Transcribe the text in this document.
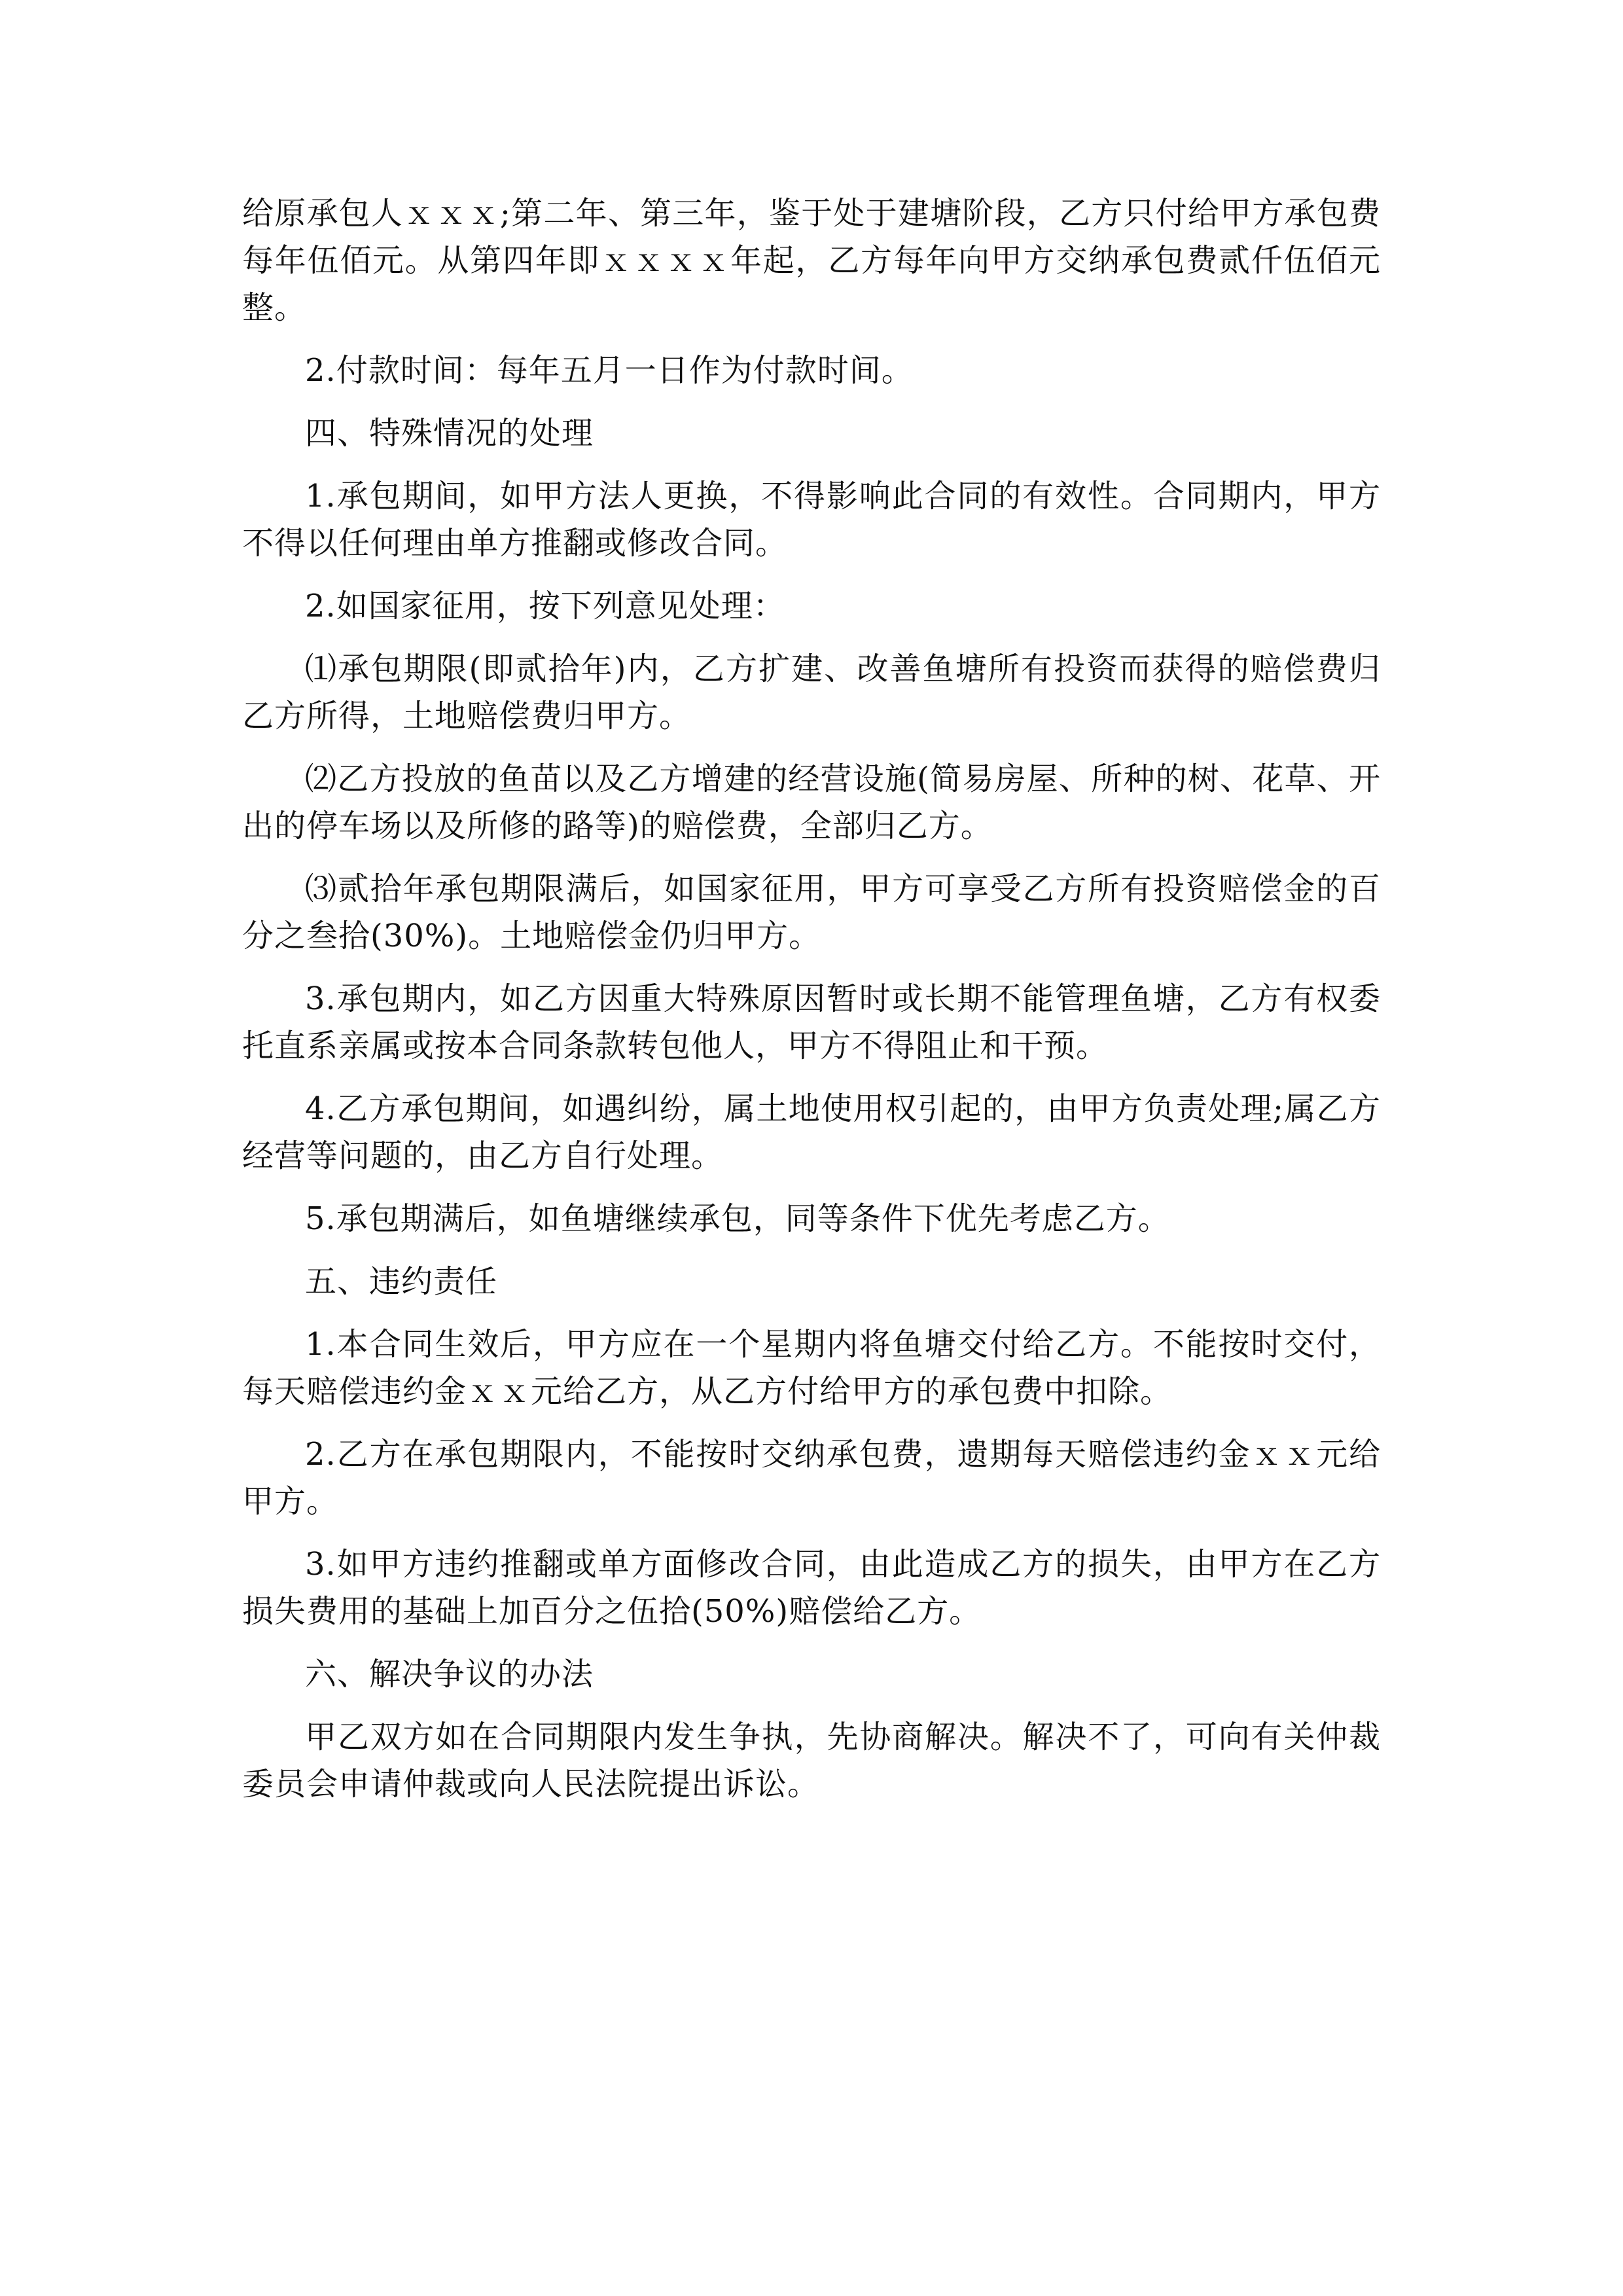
给原承包人ｘｘｘ;第二年、第三年，鉴于处于建塘阶段，乙方只付给甲方承包费每年伍佰元。从第四年即ｘｘｘｘ年起，乙方每年向甲方交纳承包费贰仟伍佰元整。

2.付款时间：每年五月一日作为付款时间。

四、特殊情况的处理

1.承包期间，如甲方法人更换，不得影响此合同的有效性。合同期内，甲方不得以任何理由单方推翻或修改合同。

2.如国家征用，按下列意见处理：

⑴承包期限(即贰拾年)内，乙方扩建、改善鱼塘所有投资而获得的赔偿费归乙方所得，土地赔偿费归甲方。

⑵乙方投放的鱼苗以及乙方增建的经营设施(简易房屋、所种的树、花草、开出的停车场以及所修的路等)的赔偿费，全部归乙方。

⑶贰拾年承包期限满后，如国家征用，甲方可享受乙方所有投资赔偿金的百分之叁拾(30%)。土地赔偿金仍归甲方。

3.承包期内，如乙方因重大特殊原因暂时或长期不能管理鱼塘，乙方有权委托直系亲属或按本合同条款转包他人，甲方不得阻止和干预。

4.乙方承包期间，如遇纠纷，属土地使用权引起的，由甲方负责处理;属乙方经营等问题的，由乙方自行处理。

5.承包期满后，如鱼塘继续承包，同等条件下优先考虑乙方。

五、违约责任

1.本合同生效后，甲方应在一个星期内将鱼塘交付给乙方。不能按时交付，每天赔偿违约金ｘｘ元给乙方，从乙方付给甲方的承包费中扣除。

2.乙方在承包期限内，不能按时交纳承包费，遗期每天赔偿违约金ｘｘ元给甲方。

3.如甲方违约推翻或单方面修改合同，由此造成乙方的损失，由甲方在乙方损失费用的基础上加百分之伍拾(50%)赔偿给乙方。

六、解决争议的办法

甲乙双方如在合同期限内发生争执，先协商解决。解决不了，可向有关仲裁委员会申请仲裁或向人民法院提出诉讼。
